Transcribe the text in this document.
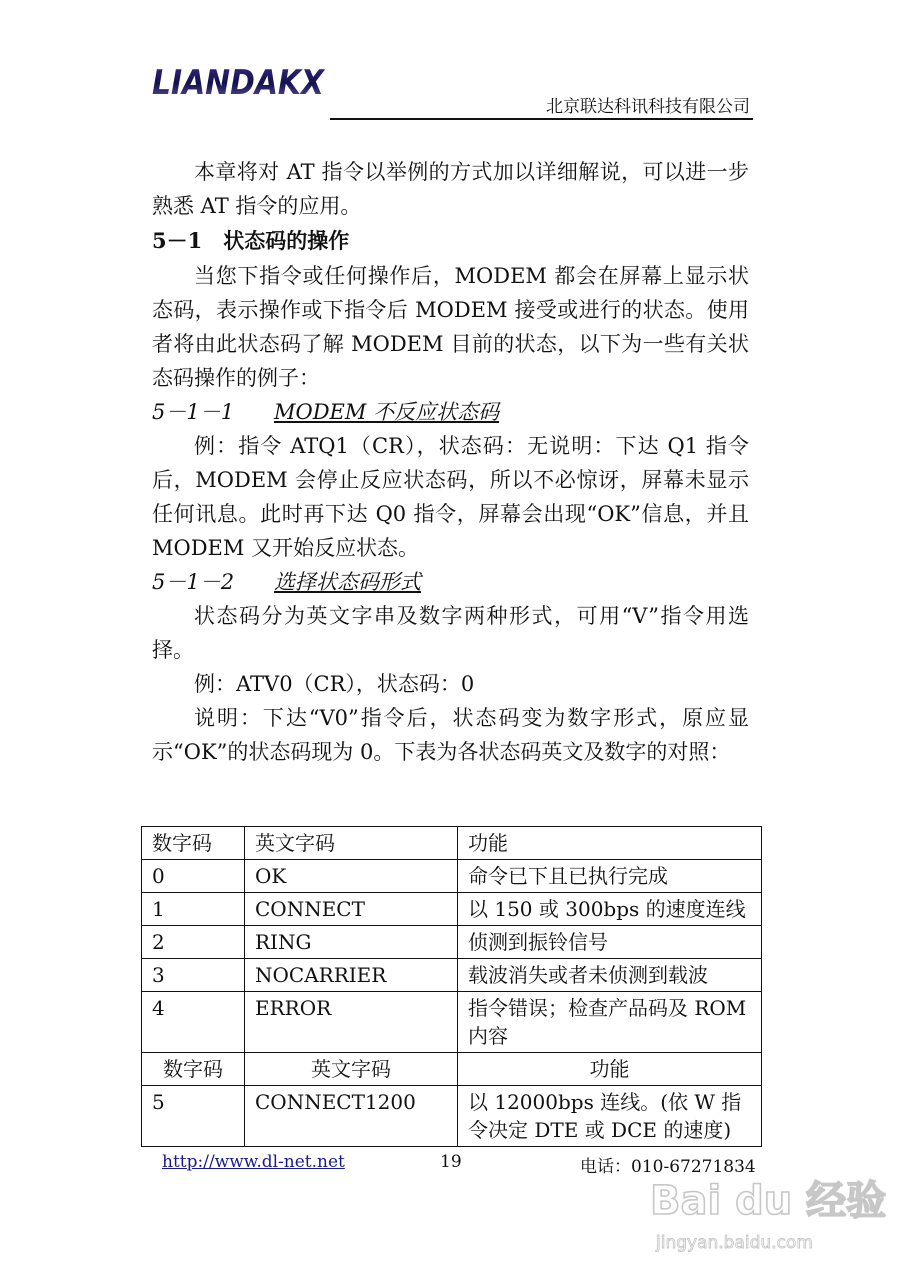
LIANDAKX
北京联达科讯科技有限公司

本章将对 AT 指令以举例的方式加以详细解说，可以进一步熟悉 AT 指令的应用。

5－1　状态码的操作

当您下指令或任何操作后，MODEM 都会在屏幕上显示状态码，表示操作或下指令后 MODEM 接受或进行的状态。使用者将由此状态码了解 MODEM 目前的状态，以下为一些有关状态码操作的例子：

5－1－1 MODEM 不反应状态码

例：指令 ATQ1（CR），状态码：无说明：下达 Q1 指令后，MODEM 会停止反应状态码，所以不必惊讶，屏幕未显示任何讯息。此时再下达 Q0 指令，屏幕会出现“OK”信息，并且 MODEM 又开始反应状态。

5－1－2 选择状态码形式

状态码分为英文字串及数字两种形式，可用“V”指令用选择。

例：ATV0（CR），状态码：0

说明：下达“V0”指令后，状态码变为数字形式，原应显示“OK”的状态码现为 0。下表为各状态码英文及数字的对照：

数字码	英文字码	功能
0	OK	命令已下且已执行完成
1	CONNECT	以 150 或 300bps 的速度连线
2	RING	侦测到振铃信号
3	NOCARRIER	载波消失或者未侦测到载波
4	ERROR	指令错误；检查产品码及 ROM 内容
数字码	英文字码	功能
5	CONNECT1200	以 12000bps 连线。(依 W 指令决定 DTE 或 DCE 的速度)
http://www.dl-net.net	19	电话：010-67271834
Bai du 经验
jingyan.baidu.com
